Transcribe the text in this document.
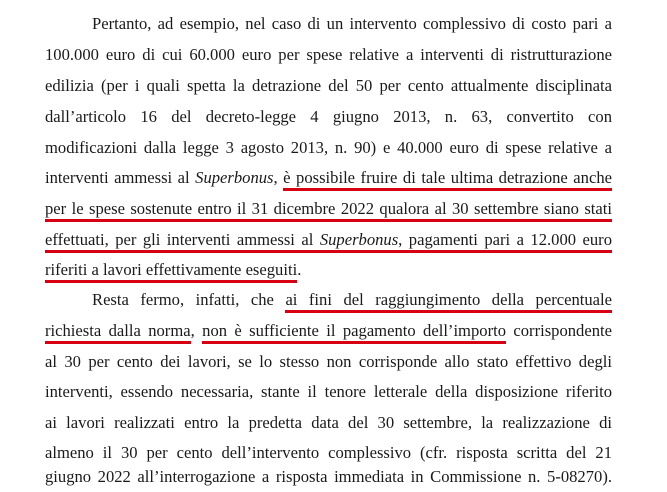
Pertanto, ad esempio, nel caso di un intervento complessivo di costo pari a
100.000 euro di cui 60.000 euro per spese relative a interventi di ristrutturazione
edilizia (per i quali spetta la detrazione del 50 per cento attualmente disciplinata
dall’articolo 16 del decreto-legge 4 giugno 2013, n. 63, convertito con
modificazioni dalla legge 3 agosto 2013, n. 90) e 40.000 euro di spese relative a
interventi ammessi al Superbonus, è possibile fruire di tale ultima detrazione anche
per le spese sostenute entro il 31 dicembre 2022 qualora al 30 settembre siano stati
effettuati, per gli interventi ammessi al Superbonus, pagamenti pari a 12.000 euro
riferiti a lavori effettivamente eseguiti.
Resta fermo, infatti, che ai fini del raggiungimento della percentuale
richiesta dalla norma, non è sufficiente il pagamento dell’importo corrispondente
al 30 per cento dei lavori, se lo stesso non corrisponde allo stato effettivo degli
interventi, essendo necessaria, stante il tenore letterale della disposizione riferito
ai lavori realizzati entro la predetta data del 30 settembre, la realizzazione di
almeno il 30 per cento dell’intervento complessivo (cfr. risposta scritta del 21
giugno 2022 all’interrogazione a risposta immediata in Commissione n. 5-08270).
